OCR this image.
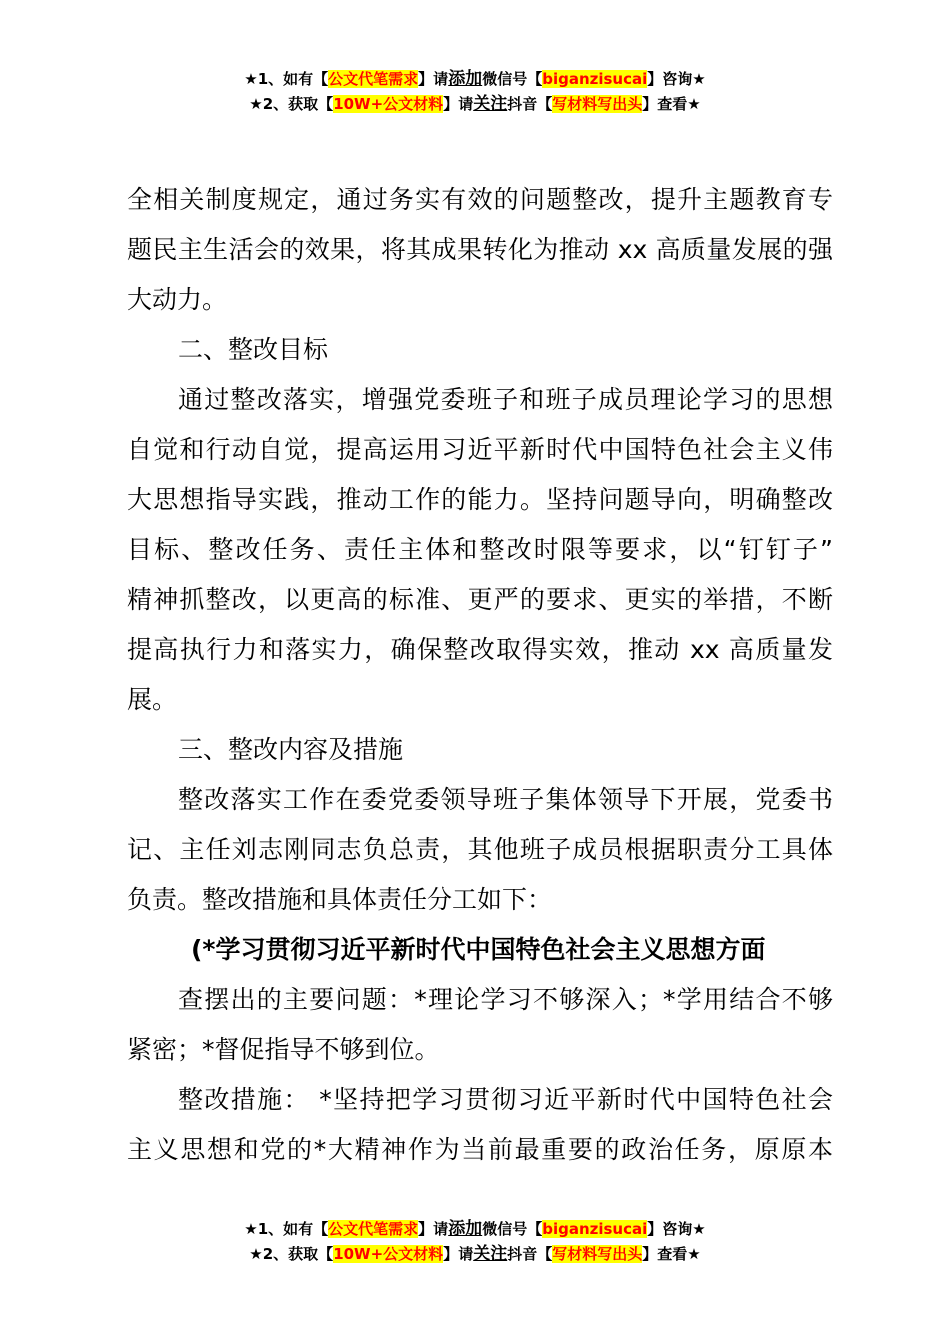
★1、如有【公文代笔需求】请添加微信号【biganzisucai】咨询★
★2、获取【10W+公文材料】请关注抖音【写材料写出头】查看★
全相关制度规定，通过务实有效的问题整改，提升主题教育专
题民主生活会的效果，将其成果转化为推动 xx 高质量发展的强
大动力。
二、整改目标
通过整改落实，增强党委班子和班子成员理论学习的思想
自觉和行动自觉，提高运用习近平新时代中国特色社会主义伟
大思想指导实践，推动工作的能力。坚持问题导向，明确整改
目标、整改任务、责任主体和整改时限等要求，以“钉钉子”
精神抓整改，以更高的标准、更严的要求、更实的举措，不断
提高执行力和落实力，确保整改取得实效，推动 xx 高质量发
展。
三、整改内容及措施
整改落实工作在委党委领导班子集体领导下开展，党委书
记、主任刘志刚同志负总责，其他班子成员根据职责分工具体
负责。整改措施和具体责任分工如下：
(*学习贯彻习近平新时代中国特色社会主义思想方面
查摆出的主要问题：*理论学习不够深入；*学用结合不够
紧密；*督促指导不够到位。
整改措施： *坚持把学习贯彻习近平新时代中国特色社会
主义思想和党的*大精神作为当前最重要的政治任务，原原本
★1、如有【公文代笔需求】请添加微信号【biganzisucai】咨询★
★2、获取【10W+公文材料】请关注抖音【写材料写出头】查看★
